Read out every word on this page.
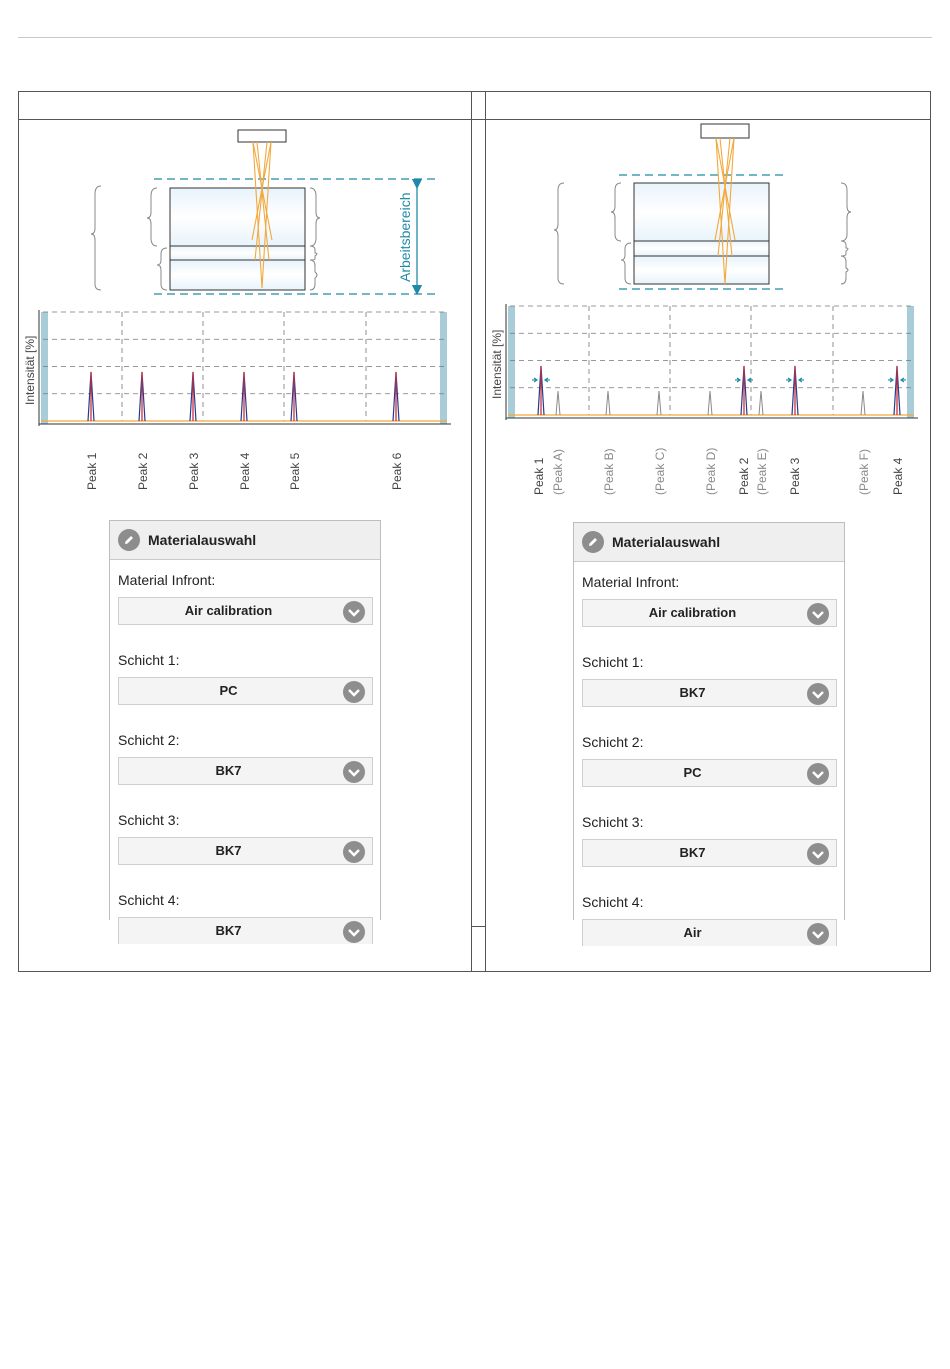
Arbeitsbereich
Intensität [%]
Peak 1	Peak 2	Peak 3	Peak 4	Peak 5	Peak 6
Intensität [%]
Peak 1	Peak 2	Peak 3	Peak 4
(Peak A)	(Peak B)	(Peak C)	(Peak D)	(Peak E)	(Peak F)
Materialauswahl
Material Infront:
Air calibration
Schicht 1:
PC
Schicht 2:
BK7
Schicht 3:
BK7
Schicht 4:
BK7
Materialauswahl
Material Infront:
Air calibration
Schicht 1:
BK7
Schicht 2:
PC
Schicht 3:
BK7
Schicht 4:
Air
